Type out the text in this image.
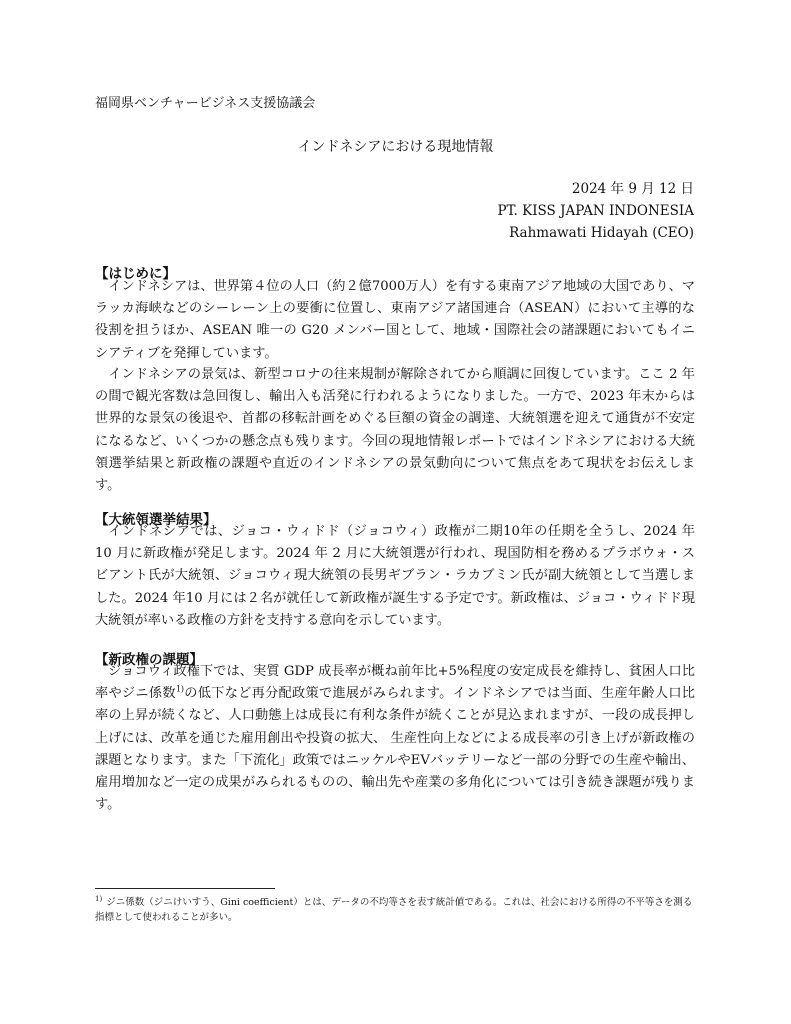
福岡県ベンチャービジネス支援協議会
インドネシアにおける現地情報
2024 年 9 月 12 日
PT. KISS JAPAN INDONESIA
Rahmawati Hidayah (CEO)
【はじめに】

インドネシアは、世界第４位の人口（約２億7000万人）を有する東南アジア地域の大国であり、マラッカ海峡などのシーレーン上の要衝に位置し、東南アジア諸国連合（ASEAN）において主導的な役割を担うほか、ASEAN 唯一の G20 メンバー国として、地域・国際社会の諸課題においてもイニシアティブを発揮しています。

インドネシアの景気は、新型コロナの往来規制が解除されてから順調に回復しています。ここ 2 年の間で観光客数は急回復し、輸出入も活発に行われるようになりました。一方で、2023 年末からは世界的な景気の後退や、首都の移転計画をめぐる巨額の資金の調達、大統領選を迎えて通貨が不安定になるなど、いくつかの懸念点も残ります。今回の現地情報レポートではインドネシアにおける大統領選挙結果と新政権の課題や直近のインドネシアの景気動向について焦点をあて現状をお伝えします。

【大統領選挙結果】

インドネシアでは、ジョコ・ウィドド（ジョコウィ）政権が二期10年の任期を全うし、2024 年 10 月に新政権が発足します。2024 年 2 月に大統領選が行われ、現国防相を務めるプラボウォ・スビアント氏が大統領、ジョコウィ現大統領の長男ギブラン・ラカブミン氏が副大統領として当選しました。2024 年10 月には２名が就任して新政権が誕生する予定です。新政権は、ジョコ・ウィドド現大統領が率いる政権の方針を支持する意向を示しています。

【新政権の課題】

ジョコウィ政権下では、実質 GDP 成長率が概ね前年比+5%程度の安定成長を維持し、貧困人口比率やジニ係数$^{1)}$の低下など再分配政策で進展がみられます。インドネシアでは当面、生産年齢人口比率の上昇が続くなど、人口動態上は成長に有利な条件が続くことが見込まれますが、一段の成長押し上げには、改革を通じた雇用創出や投資の拡大、 生産性向上などによる成長率の引き上げが新政権の課題となります。また「下流化」政策ではニッケルやEVバッテリーなど一部の分野での生産や輸出、雇用増加など一定の成果がみられるものの、輸出先や産業の多角化については引き続き課題が残ります。

$^{1)}$ ジニ係数（ジニけいすう、Gini coefficient）とは、データの不均等さを表す統計値である。これは、社会における所得の不平等さを測る指標として使われることが多い。
